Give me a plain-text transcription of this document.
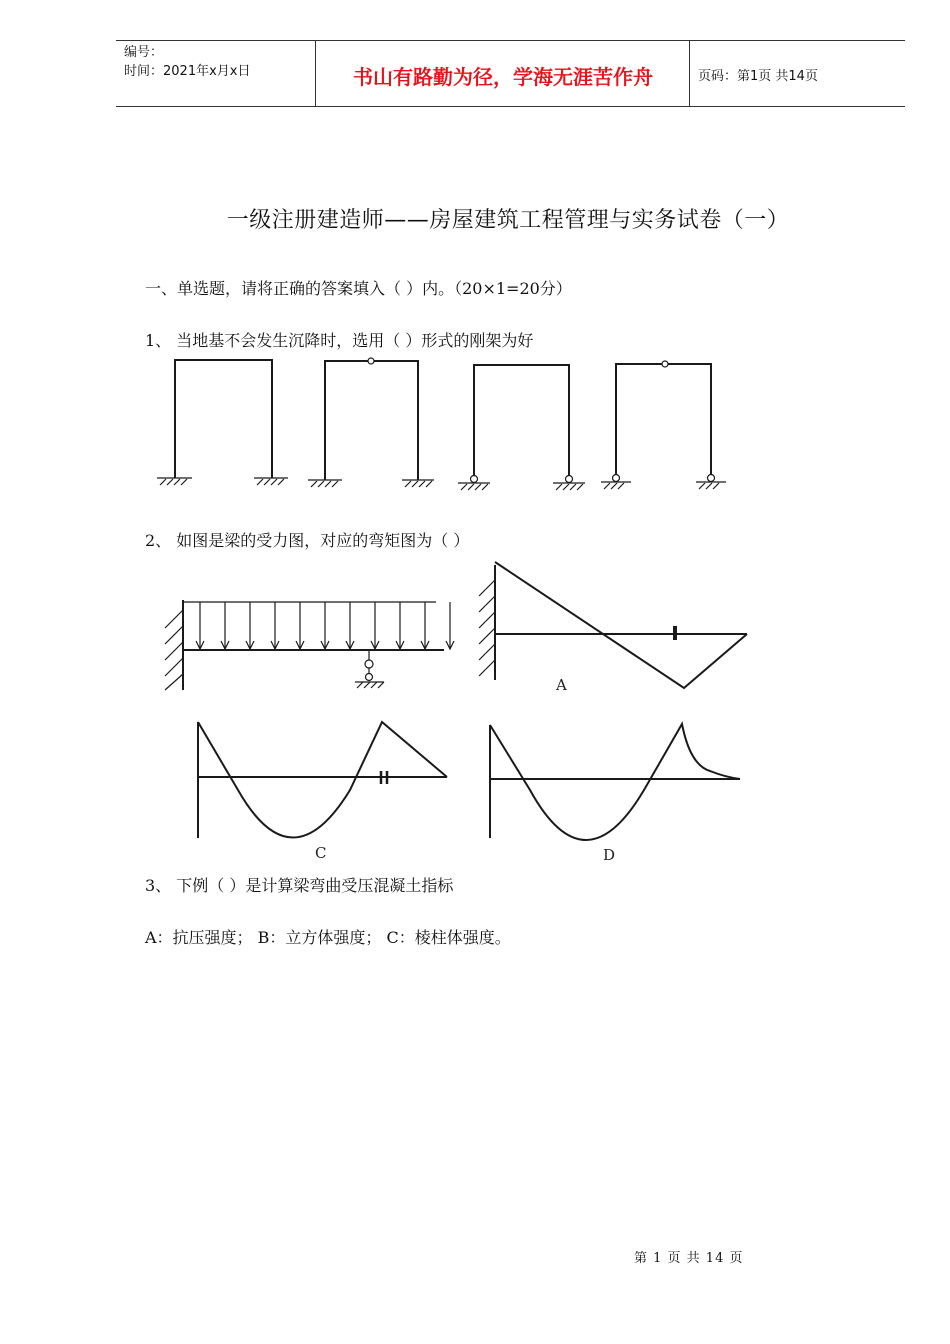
编号：
时间：2021年x月x日	书山有路勤为径，学海无涯苦作舟	页码：第1页 共14页
一级注册建造师——房屋建筑工程管理与实务试卷（一）
一、单选题，请将正确的答案填入（ ）内。（20×1=20分）
1、 当地基不会发生沉降时，选用（ ）形式的刚架为好
2、 如图是梁的受力图，对应的弯矩图为（ ）
3、 下例（ ）是计算梁弯曲受压混凝土指标
A：抗压强度； B：立方体强度； C：棱柱体强度。
第 1 页 共 14 页
A
C	D
